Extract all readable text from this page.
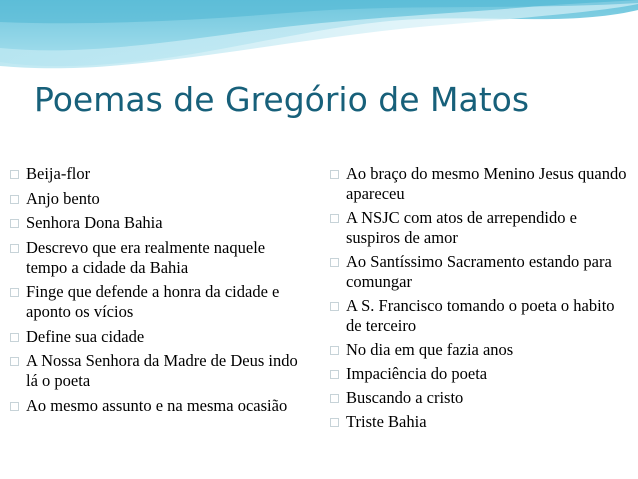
Poemas de Gregório de Matos
Beija-flor
Anjo bento
Senhora Dona Bahia
Descrevo que era realmente naquele tempo a cidade da Bahia
Finge que defende a honra da cidade e aponto os vícios
Define sua cidade
A Nossa Senhora da Madre de Deus indo lá o poeta
Ao mesmo assunto e na mesma ocasião
Ao braço do mesmo Menino Jesus quando apareceu
A NSJC com atos de arrependido e suspiros de amor
Ao Santíssimo Sacramento estando para comungar
A S. Francisco tomando o poeta o habito de terceiro
No dia em que fazia anos
Impaciência do poeta
Buscando a cristo
Triste Bahia
